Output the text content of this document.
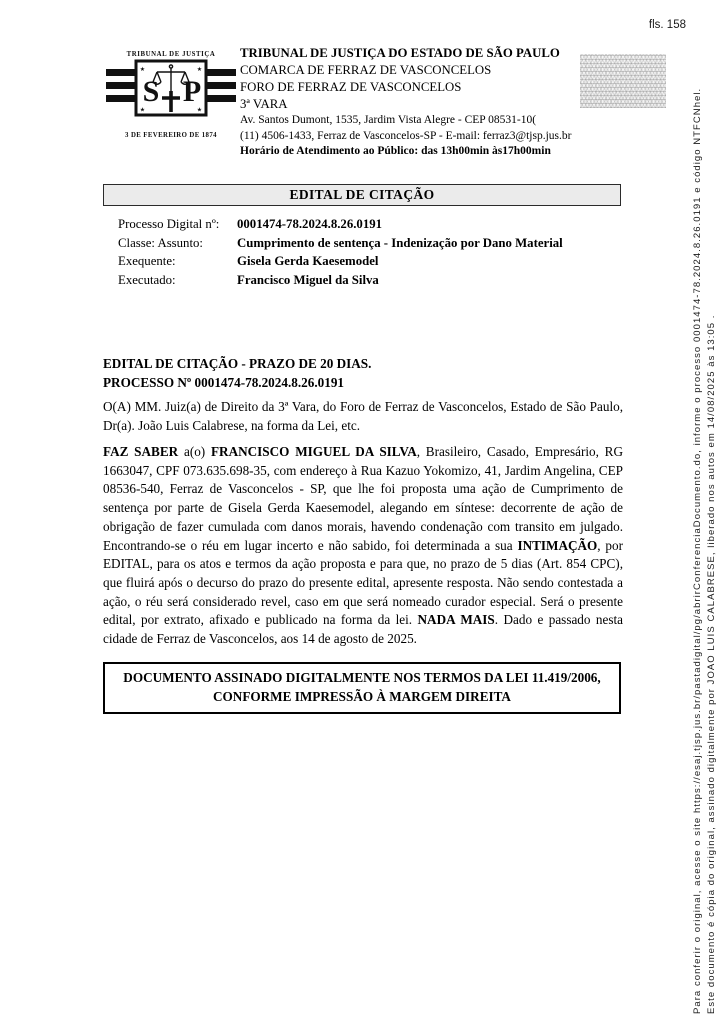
fls. 158
TRIBUNAL DE JUSTIÇA
S P
★	★
★	★
3 DE FEVEREIRO DE 1874
TRIBUNAL DE JUSTIÇA DO ESTADO DE SÃO PAULO
COMARCA DE FERRAZ DE VASCONCELOS
FORO DE FERRAZ DE VASCONCELOS
3ª VARA
Av. Santos Dumont, 1535, Jardim Vista Alegre - CEP 08531-10(
(11) 4506-1433, Ferraz de Vasconcelos-SP - E-mail: ferraz3@tjsp.jus.br
Horário de Atendimento ao Público: das 13h00min às17h00min
EDITAL DE CITAÇÃO
Processo Digital nº:	0001474-78.2024.8.26.0191
Classe: Assunto:	Cumprimento de sentença - Indenização por Dano Material
Exequente:	Gisela Gerda Kaesemodel
Executado:	Francisco Miguel da Silva
EDITAL DE CITAÇÃO - PRAZO DE 20 DIAS.
PROCESSO Nº 0001474-78.2024.8.26.0191
O(A) MM. Juiz(a) de Direito da 3ª Vara, do Foro de Ferraz de Vasconcelos, Estado de São Paulo, Dr(a). João Luis Calabrese, na forma da Lei, etc.
FAZ SABER a(o) FRANCISCO MIGUEL DA SILVA, Brasileiro, Casado, Empresário, RG 1663047, CPF 073.635.698-35, com endereço à Rua Kazuo Yokomizo, 41, Jardim Angelina, CEP 08536-540, Ferraz de Vasconcelos - SP, que lhe foi proposta uma ação de Cumprimento de sentença por parte de Gisela Gerda Kaesemodel, alegando em síntese: decorrente de ação de obrigação de fazer cumulada com danos morais, havendo condenação com transito em julgado. Encontrando-se o réu em lugar incerto e não sabido, foi determinada a sua INTIMAÇÃO, por EDITAL, para os atos e termos da ação proposta e para que, no prazo de 5 dias (Art. 854 CPC), que fluirá após o decurso do prazo do presente edital, apresente resposta. Não sendo contestada a ação, o réu será considerado revel, caso em que será nomeado curador especial. Será o presente edital, por extrato, afixado e publicado na forma da lei. NADA MAIS. Dado e passado nesta cidade de Ferraz de Vasconcelos, aos 14 de agosto de 2025.
DOCUMENTO ASSINADO DIGITALMENTE NOS TERMOS DA LEI 11.419/2006,
CONFORME IMPRESSÃO À MARGEM DIREITA	Este documento é cópia do original, assinado digitalmente por JOAO LUIS CALABRESE, liberado nos autos em 14/08/2025 às 13:05 .
Para conferir o original, acesse o site https://esaj.tjsp.jus.br/pastadigital/pg/abrirConferenciaDocumento.do, informe o processo 0001474-78.2024.8.26.0191 e código NTFCNhel.
